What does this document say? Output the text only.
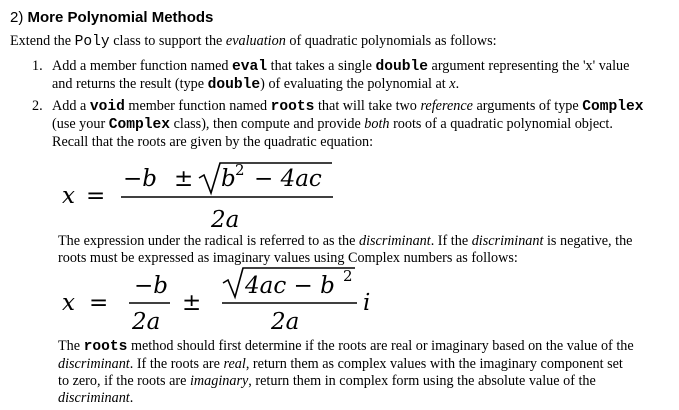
2) More Polynomial Methods
Extend the Poly class to support the evaluation of quadratic polynomials as follows:
1. Add a member function named eval that takes a single double argument representing the 'x' value
and returns the result (type double) of evaluating the polynomial at x.
2. Add a void member function named roots that will take two reference arguments of type Complex
(use your Complex class), then compute and provide both roots of a quadratic polynomial object.
Recall that the roots are given by the quadratic equation:
x =
−b ± b 2 − 4ac
2a
The expression under the radical is referred to as the discriminant. If the discriminant is negative, the
roots must be expressed as imaginary values using Complex numbers as follows:
x =
−b
2a
±
4ac − b 2
2a
i
The roots method should first determine if the roots are real or imaginary based on the value of the
discriminant. If the roots are real, return them as complex values with the imaginary component set
to zero, if the roots are imaginary, return them in complex form using the absolute value of the
discriminant.
